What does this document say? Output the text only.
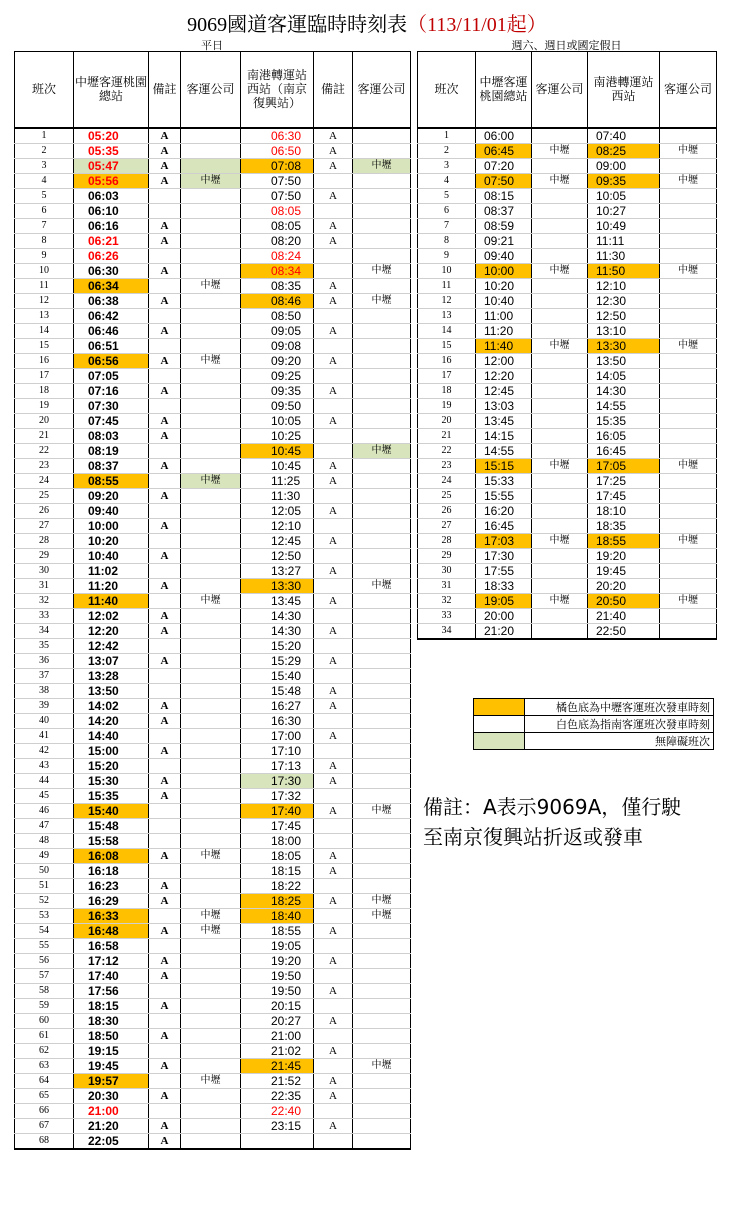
9069國道客運臨時時刻表（113/11/01起）
平日	週六、週日或國定假日
班次	中壢客運桃園總站	備註	客運公司	南港轉運站西站（南京復興站）	備註	客運公司
1	05:20	A		06:30	A	
2	05:35	A		06:50	A	
3	05:47	A		07:08	A	中壢
4	05:56	A	中壢	07:50		
5	06:03			07:50	A	
6	06:10			08:05		
7	06:16	A		08:05	A	
8	06:21	A		08:20	A	
9	06:26			08:24		
10	06:30	A		08:34		中壢
11	06:34		中壢	08:35	A	
12	06:38	A		08:46	A	中壢
13	06:42			08:50		
14	06:46	A		09:05	A	
15	06:51			09:08		
16	06:56	A	中壢	09:20	A	
17	07:05			09:25		
18	07:16	A		09:35	A	
19	07:30			09:50		
20	07:45	A		10:05	A	
21	08:03	A		10:25		
22	08:19			10:45		中壢
23	08:37	A		10:45	A	
24	08:55		中壢	11:25	A	
25	09:20	A		11:30		
26	09:40			12:05	A	
27	10:00	A		12:10		
28	10:20			12:45	A	
29	10:40	A		12:50		
30	11:02			13:27	A	
31	11:20	A		13:30		中壢
32	11:40		中壢	13:45	A	
33	12:02	A		14:30		
34	12:20	A		14:30	A	
35	12:42			15:20		
36	13:07	A		15:29	A	
37	13:28			15:40		
38	13:50			15:48	A	
39	14:02	A		16:27	A	
40	14:20	A		16:30		
41	14:40			17:00	A	
42	15:00	A		17:10		
43	15:20			17:13	A	
44	15:30	A		17:30	A	
45	15:35	A		17:32		
46	15:40			17:40	A	中壢
47	15:48			17:45		
48	15:58			18:00		
49	16:08	A	中壢	18:05	A	
50	16:18			18:15	A	
51	16:23	A		18:22		
52	16:29	A		18:25	A	中壢
53	16:33		中壢	18:40		中壢
54	16:48	A	中壢	18:55	A	
55	16:58			19:05		
56	17:12	A		19:20	A	
57	17:40	A		19:50		
58	17:56			19:50	A	
59	18:15	A		20:15		
60	18:30			20:27	A	
61	18:50	A		21:00		
62	19:15			21:02	A	
63	19:45	A		21:45		中壢
64	19:57		中壢	21:52	A	
65	20:30	A		22:35	A	
66	21:00			22:40		
67	21:20	A		23:15	A	
68	22:05	A				
班次	中壢客運桃園總站	客運公司	南港轉運站西站	客運公司
1	06:00		07:40	
2	06:45	中壢	08:25	中壢
3	07:20		09:00	
4	07:50	中壢	09:35	中壢
5	08:15		10:05	
6	08:37		10:27	
7	08:59		10:49	
8	09:21		11:11	
9	09:40		11:30	
10	10:00	中壢	11:50	中壢
11	10:20		12:10	
12	10:40		12:30	
13	11:00		12:50	
14	11:20		13:10	
15	11:40	中壢	13:30	中壢
16	12:00		13:50	
17	12:20		14:05	
18	12:45		14:30	
19	13:03		14:55	
20	13:45		15:35	
21	14:15		16:05	
22	14:55		16:45	
23	15:15	中壢	17:05	中壢
24	15:33		17:25	
25	15:55		17:45	
26	16:20		18:10	
27	16:45		18:35	
28	17:03	中壢	18:55	中壢
29	17:30		19:20	
30	17:55		19:45	
31	18:33		20:20	
32	19:05	中壢	20:50	中壢
33	20:00		21:40	
34	21:20		22:50	
	橘色底為中壢客運班次發車時刻
	白色底為指南客運班次發車時刻
	無障礙班次
備註：A表示9069A，僅行駛
至南京復興站折返或發車
